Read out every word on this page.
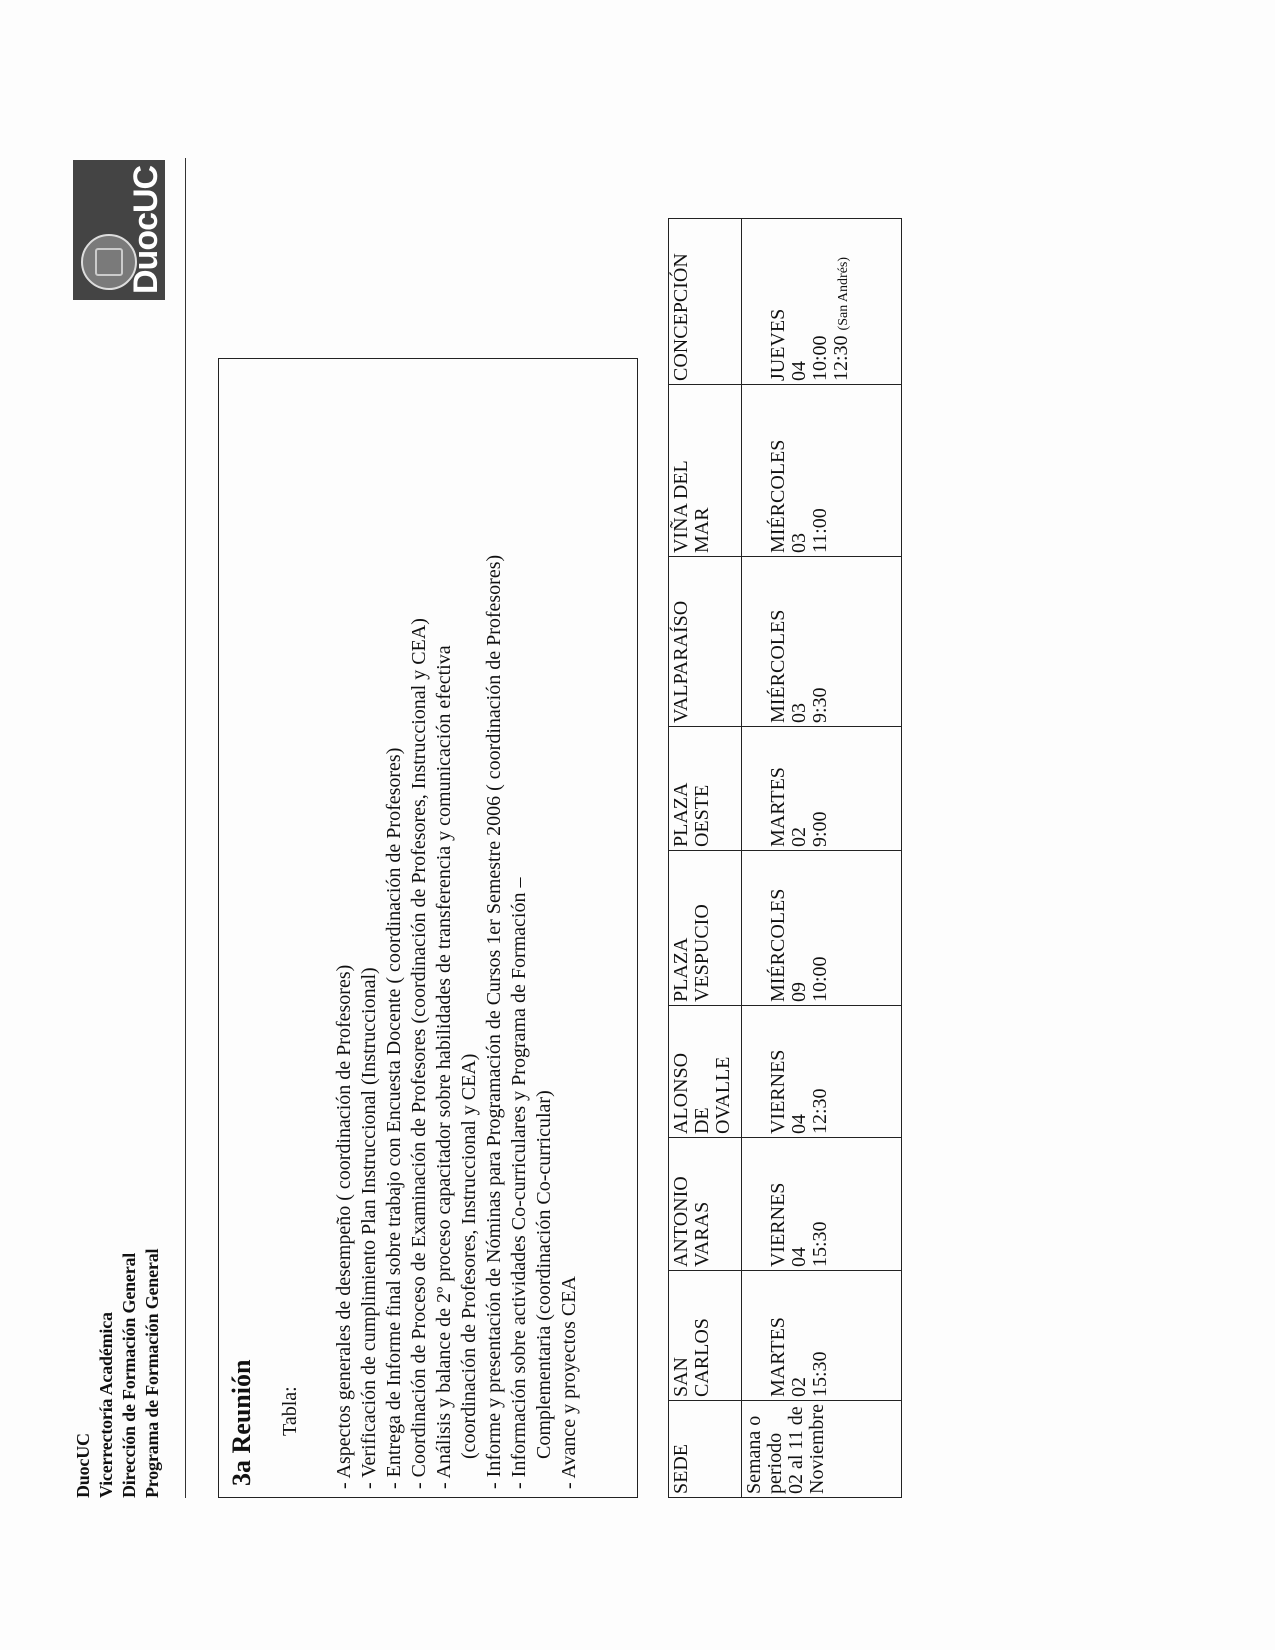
DuocUC Vicerrectoría Académica Dirección de Formación General Programa de Formación General
DuocUC
3a Reunión Tabla: - Aspectos generales de desempeño ( coordinación de Profesores) - Verificación de cumplimiento Plan Instruccional (Instruccional) - Entrega de Informe final sobre trabajo con Encuesta Docente ( coordinación de Profesores) - Coordinación de Proceso de Examinación de Profesores (coordinación de Profesores, Instruccional y CEA) - Análisis y balance de 2º proceso capacitador sobre habilidades de transferencia y comunicación efectiva (coordinación de Profesores, Instruccional y CEA) - Informe y presentación de Nóminas para Programación de Cursos 1er Semestre 2006 ( coordinación de Profesores) - Información sobre actividades Co-curriculares y Programa de Formación – Complementaria (coordinación Co-curricular) - Avance y proyectos CEA	SEDE	SAN CARLOS	ANTONIO VARAS	ALONSO DE OVALLE	PLAZA VESPUCIO	PLAZA OESTE	VALPARAÍSO	VIÑA DEL MAR	CONCEPCIÓN

Semana o periodo 02 al 11 de Noviembre	MARTES 02 15:30	VIERNES 04 15:30	VIERNES 04 12:30	MIÉRCOLES 09 10:00	MARTES 02 9:00	MIÉRCOLES 03 9:30	MIÉRCOLES 03 11:00	JUEVES 04 10:00 12:30 (San Andrés)
